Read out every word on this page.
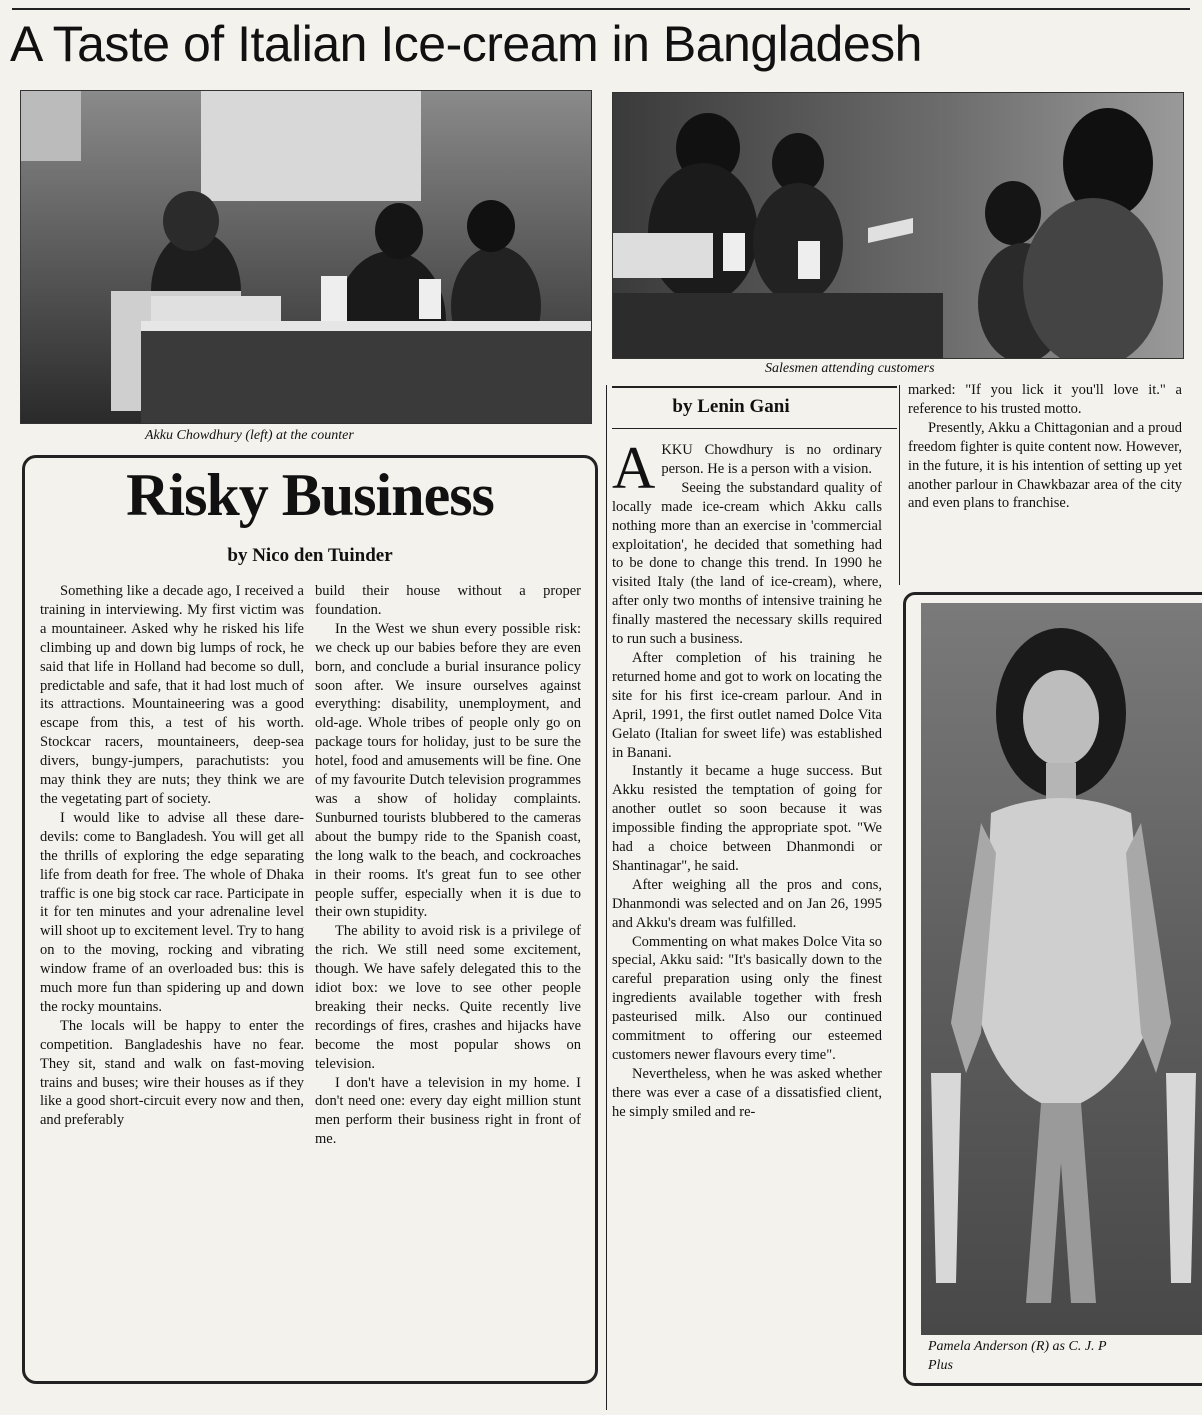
A Taste of Italian Ice-cream in Bangladesh
Akku Chowdhury (left) at the counter
Salesmen attending customers
Risky Business
by Nico den Tuinder

Something like a decade ago, I received a training in interviewing. My first victim was a mountaineer. Asked why he risked his life climbing up and down big lumps of rock, he said that life in Holland had become so dull, predictable and safe, that it had lost much of its attractions. Mountaineering was a good escape from this, a test of his worth. Stockcar racers, mountaineers, deep-sea divers, bungy-jumpers, parachutists: you may think they are nuts; they think we are the vegetating part of society.

I would like to advise all these dare-devils: come to Bangladesh. You will get all the thrills of exploring the edge separating life from death for free. The whole of Dhaka traffic is one big stock car race. Participate in it for ten minutes and your adrenaline level will shoot up to excitement level. Try to hang on to the moving, rocking and vibrating window frame of an overloaded bus: this is much more fun than spidering up and down the rocky mountains.

The locals will be happy to enter the competition. Bangladeshis have no fear. They sit, stand and walk on fast-moving trains and buses; wire their houses as if they like a good short-circuit every now and then, and preferably

build their house without a proper foundation.

In the West we shun every possible risk: we check up our babies before they are even born, and conclude a burial insurance policy soon after. We insure ourselves against everything: disability, unemployment, and old-age. Whole tribes of people only go on package tours for holiday, just to be sure the hotel, food and amusements will be fine. One of my favourite Dutch television programmes was a show of holiday complaints. Sunburned tourists blubbered to the cameras about the bumpy ride to the Spanish coast, the long walk to the beach, and cockroaches in their rooms. It's great fun to see other people suffer, especially when it is due to their own stupidity.

The ability to avoid risk is a privilege of the rich. We still need some excitement, though. We have safely delegated this to the idiot box: we love to see other people breaking their necks. Quite recently live recordings of fires, crashes and hijacks have become the most popular shows on television.

I don't have a television in my home. I don't need one: every day eight million stunt men perform their business right in front of me.

by Lenin Gani

AKKU Chowdhury is no ordinary person. He is a person with a vision.

Seeing the substandard quality of locally made ice-cream which Akku calls nothing more than an exercise in 'commercial exploitation', he decided that something had to be done to change this trend. In 1990 he visited Italy (the land of ice-cream), where, after only two months of intensive training he finally mastered the necessary skills required to run such a business.

After completion of his training he returned home and got to work on locating the site for his first ice-cream parlour. And in April, 1991, the first outlet named Dolce Vita Gelato (Italian for sweet life) was established in Banani.

Instantly it became a huge success. But Akku resisted the temptation of going for another outlet so soon because it was impossible finding the appropriate spot. "We had a choice between Dhanmondi or Shantinagar", he said.

After weighing all the pros and cons, Dhanmondi was selected and on Jan 26, 1995 and Akku's dream was fulfilled.

Commenting on what makes Dolce Vita so special, Akku said: "It's basically down to the careful preparation using only the finest ingredients available together with fresh pasteurised milk. Also our continued commitment to offering our esteemed customers newer flavours every time".

Nevertheless, when he was asked whether there was ever a case of a dissatisfied client, he simply smiled and re-

marked: "If you lick it you'll love it." a reference to his trusted motto.

Presently, Akku a Chittagonian and a proud freedom fighter is quite content now. However, in the future, it is his intention of setting up yet another parlour in Chawkbazar area of the city and even plans to franchise.

Pamela Anderson (R) as C. J. P
Plus
